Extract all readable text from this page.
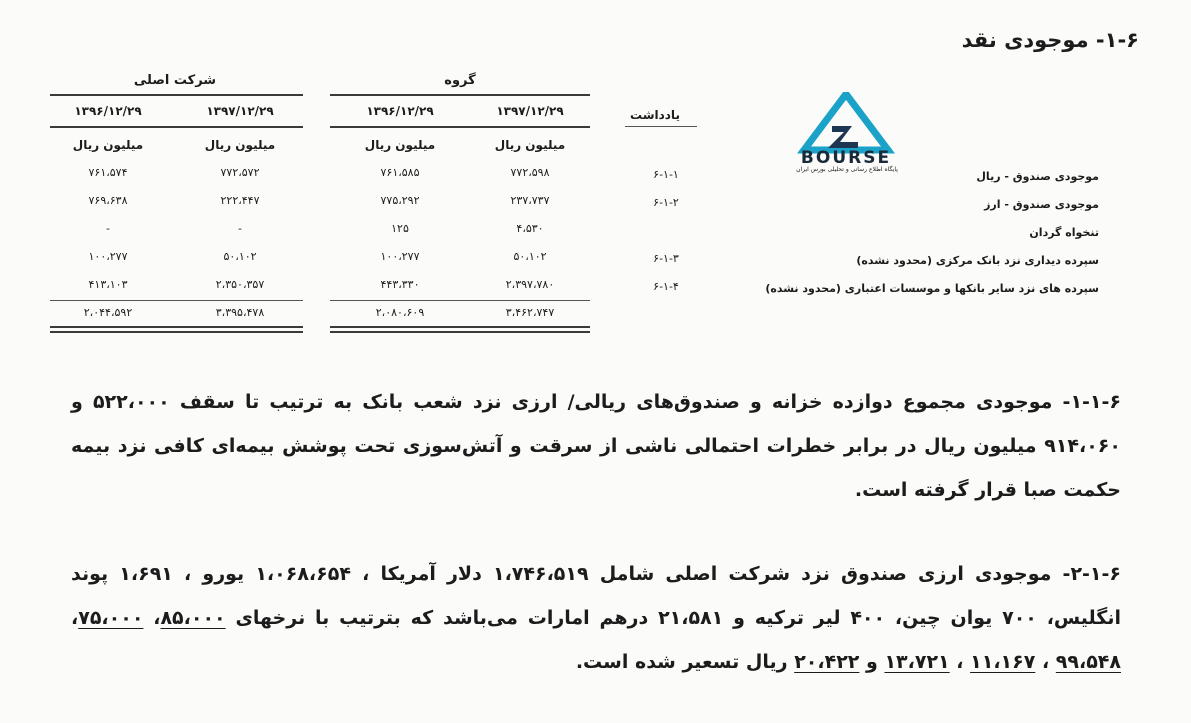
۱-۶- موجودی نقد
BOURSE
پایگاه اطلاع رسانی و تحلیلی بورس ایران
شرکت اصلی	گروه
یادداشت
۱۳۹۷/۱۲/۲۹
۱۳۹۶/۱۲/۲۹
۱۳۹۷/۱۲/۲۹
۱۳۹۶/۱۲/۲۹
میلیون ریال
میلیون ریال
میلیون ریال
میلیون ریال
موجودی صندوق - ریال
۶-۱-۱
۷۷۲،۵۹۸
۷۶۱،۵۸۵
۷۷۲،۵۷۲
۷۶۱،۵۷۴
موجودی صندوق - ارز
۶-۱-۲
۲۳۷،۷۳۷
۷۷۵،۲۹۲
۲۲۲،۴۴۷
۷۶۹،۶۳۸
تنخواه گردان
۴،۵۳۰
۱۲۵
-
-
سپرده دیداری نزد بانک مرکزی (محدود نشده)
۶-۱-۳
۵۰،۱۰۲
۱۰۰،۲۷۷
۵۰،۱۰۲
۱۰۰،۲۷۷
سپرده های نزد سایر بانکها و موسسات اعتباری (محدود نشده)
۶-۱-۴
۲،۳۹۷،۷۸۰
۴۴۳،۳۳۰
۲،۳۵۰،۳۵۷
۴۱۳،۱۰۳
۳،۴۶۲،۷۴۷
۲،۰۸۰،۶۰۹
۳،۳۹۵،۴۷۸
۲،۰۴۴،۵۹۲
۱-۱-۶- موجودی مجموع دوازده خزانه و صندوق‌های ریالی/ ارزی نزد شعب بانک به ترتیب تا سقف ۵۲۲،۰۰۰ و ۹۱۴،۰۶۰ میلیون ریال در برابر خطرات احتمالی ناشی از سرقت و آتش‌سوزی تحت پوشش بیمه‌ای کافی نزد بیمه حکمت صبا قرار گرفته است.
۲-۱-۶- موجودی ارزی صندوق نزد شرکت اصلی شامل ۱،۷۴۶،۵۱۹ دلار آمریکا ، ۱،۰۶۸،۶۵۴ یورو ، ۱،۶۹۱ پوند انگلیس، ۷۰۰ یوان چین، ۴۰۰ لیر ترکیه و ۲۱،۵۸۱ درهم امارات می‌باشد که بترتیب با نرخهای ۸۵،۰۰۰، ۷۵،۰۰۰، ۹۹،۵۴۸ ، ۱۱،۱۶۷ ، ۱۳،۷۲۱ و ۲۰،۴۲۲ ریال تسعیر شده است.
